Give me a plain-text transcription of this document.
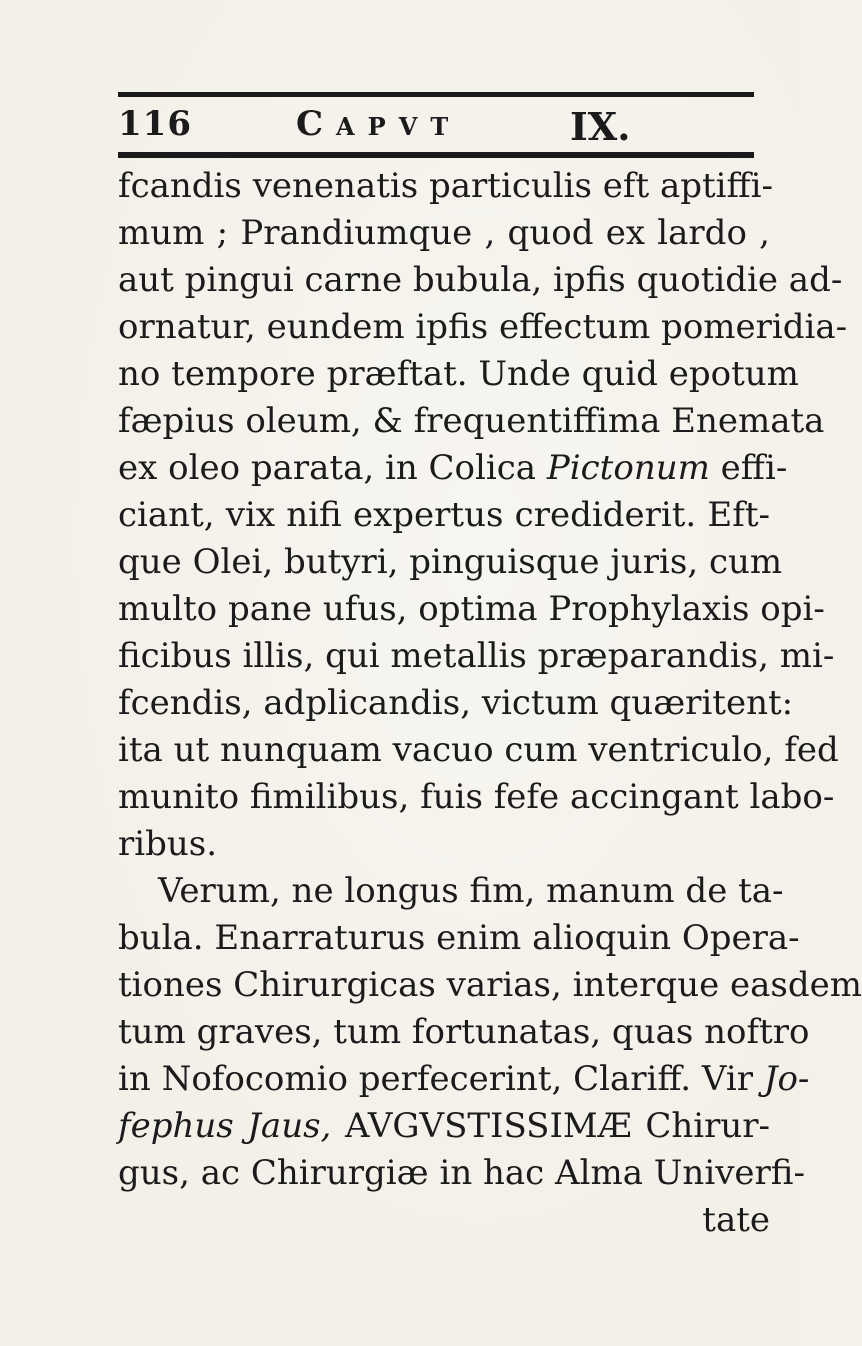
116	Capvt	IX.
fcandis venenatis particulis eft aptiffi-
mum ; Prandiumque , quod ex lardo ,
aut pingui carne bubula, ipfis quotidie ad-
ornatur, eundem ipfis effectum pomeridia-
no tempore præftat. Unde quid epotum
fæpius oleum, & frequentiffima Enemata
ex oleo parata, in Colica Pictonum effi-
ciant, vix nifi expertus crediderit. Eft-
que Olei, butyri, pinguisque juris, cum
multo pane ufus, optima Prophylaxis opi-
ficibus illis, qui metallis præparandis, mi-
fcendis, adplicandis, victum quæritent:
ita ut nunquam vacuo cum ventriculo, fed
munito fimilibus, fuis fefe accingant labo-
ribus.
Verum, ne longus fim, manum de ta-
bula. Enarraturus enim alioquin Opera-
tiones Chirurgicas varias, interque easdem
tum graves, tum fortunatas, quas noftro
in Nofocomio perfecerint, Clariff. Vir Jo-
fephus Jaus, AVGVSTISSIMÆ Chirur-
gus, ac Chirurgiæ in hac Alma Univerfi-
tate
